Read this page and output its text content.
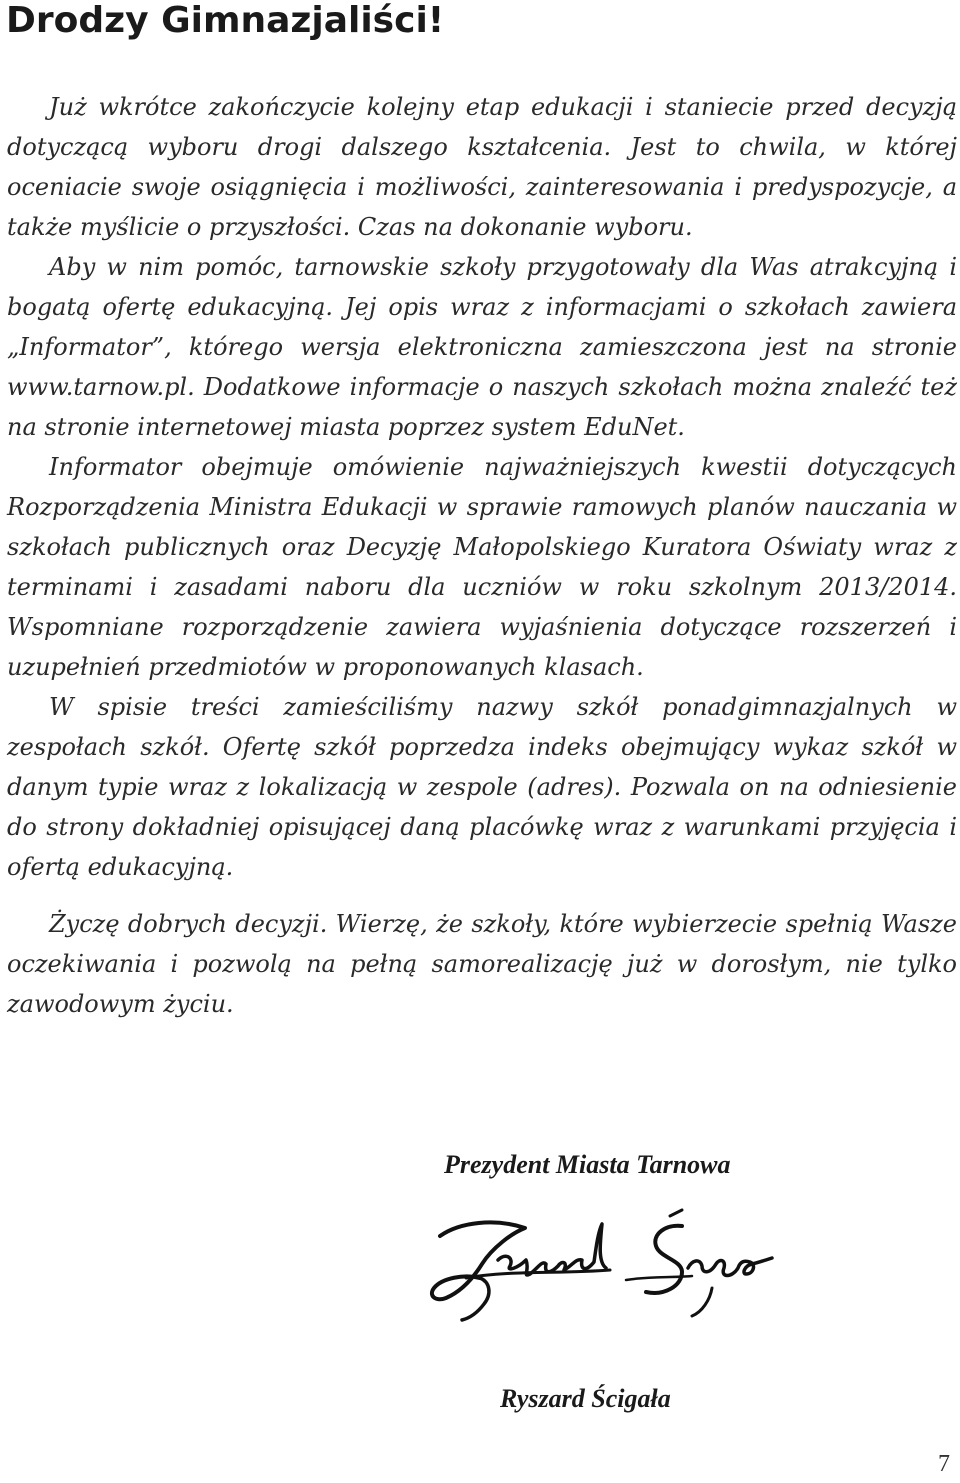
Drodzy Gimnazjaliści!

Już wkrótce zakończycie kolejny etap edukacji i staniecie przed decyzją dotyczącą wyboru drogi dalszego kształcenia. Jest to chwila, w której oceniacie swoje osiągnięcia i możliwości, zainteresowania i predyspozycje, a także myślicie o przyszłości. Czas na dokonanie wyboru.

Aby w nim pomóc, tarnowskie szkoły przygotowały dla Was atrakcyjną i bogatą ofertę edukacyjną. Jej opis wraz z informacjami o szkołach zawiera „Informator”, którego wersja elektroniczna zamieszczona jest na stronie www.tarnow.pl. Dodatkowe informacje o naszych szkołach można znaleźć też na stronie internetowej miasta poprzez system EduNet.

Informator obejmuje omówienie najważniejszych kwestii dotyczących Rozporządzenia Ministra Edukacji w sprawie ramowych planów nauczania w szkołach publicznych oraz Decyzję Małopolskiego Kuratora Oświaty wraz z terminami i zasadami naboru dla uczniów w roku szkolnym 2013/2014. Wspomniane rozporządzenie zawiera wyjaśnienia dotyczące rozszerzeń i uzupełnień przedmiotów w proponowanych klasach.

W spisie treści zamieściliśmy nazwy szkół ponadgimnazjalnych w zespołach szkół. Ofertę szkół poprzedza indeks obejmujący wykaz szkół w danym typie wraz z lokalizacją w zespole (adres). Pozwala on na odniesienie do strony dokładniej opisującej daną placówkę wraz z warunkami przyjęcia i ofertą edukacyjną.

Życzę dobrych decyzji. Wierzę, że szkoły, które wybierzecie spełnią Wasze oczekiwania i pozwolą na pełną samorealizację już w dorosłym, nie tylko zawodowym życiu.

Prezydent Miasta Tarnowa

Ryszard Ścigała

7
